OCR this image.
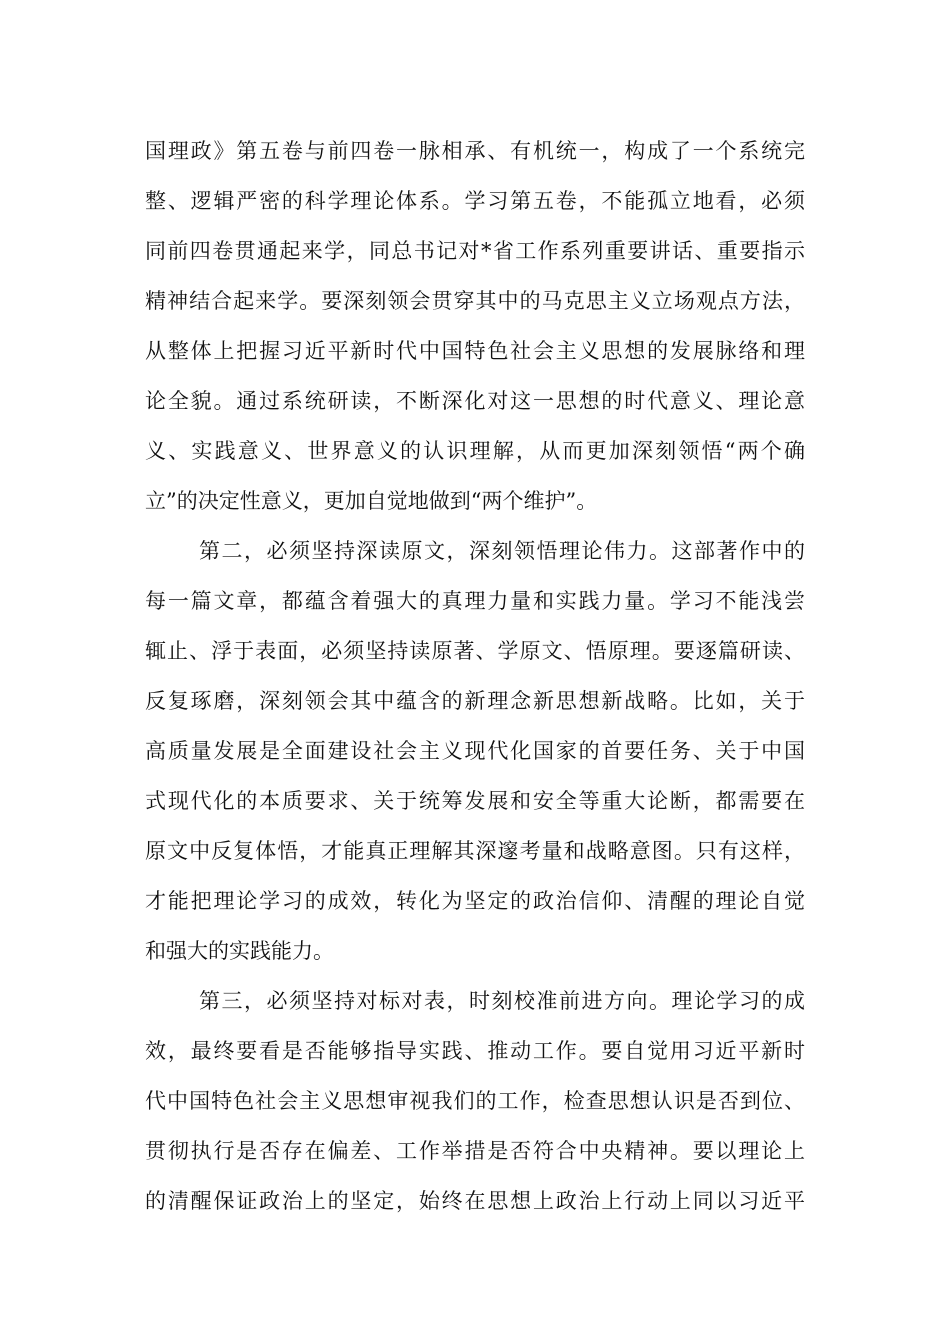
国理政》第五卷与前四卷一脉相承、有机统一，构成了一个系统完
整、逻辑严密的科学理论体系。学习第五卷，不能孤立地看，必须
同前四卷贯通起来学，同总书记对*省工作系列重要讲话、重要指示
精神结合起来学。要深刻领会贯穿其中的马克思主义立场观点方法，
从整体上把握习近平新时代中国特色社会主义思想的发展脉络和理
论全貌。通过系统研读，不断深化对这一思想的时代意义、理论意
义、实践意义、世界意义的认识理解，从而更加深刻领悟“两个确
立”的决定性意义，更加自觉地做到“两个维护”。
第二，必须坚持深读原文，深刻领悟理论伟力。这部著作中的
每一篇文章，都蕴含着强大的真理力量和实践力量。学习不能浅尝
辄止、浮于表面，必须坚持读原著、学原文、悟原理。要逐篇研读、
反复琢磨，深刻领会其中蕴含的新理念新思想新战略。比如，关于
高质量发展是全面建设社会主义现代化国家的首要任务、关于中国
式现代化的本质要求、关于统筹发展和安全等重大论断，都需要在
原文中反复体悟，才能真正理解其深邃考量和战略意图。只有这样，
才能把理论学习的成效，转化为坚定的政治信仰、清醒的理论自觉
和强大的实践能力。
第三，必须坚持对标对表，时刻校准前进方向。理论学习的成
效，最终要看是否能够指导实践、推动工作。要自觉用习近平新时
代中国特色社会主义思想审视我们的工作，检查思想认识是否到位、
贯彻执行是否存在偏差、工作举措是否符合中央精神。要以理论上
的清醒保证政治上的坚定，始终在思想上政治上行动上同以习近平
